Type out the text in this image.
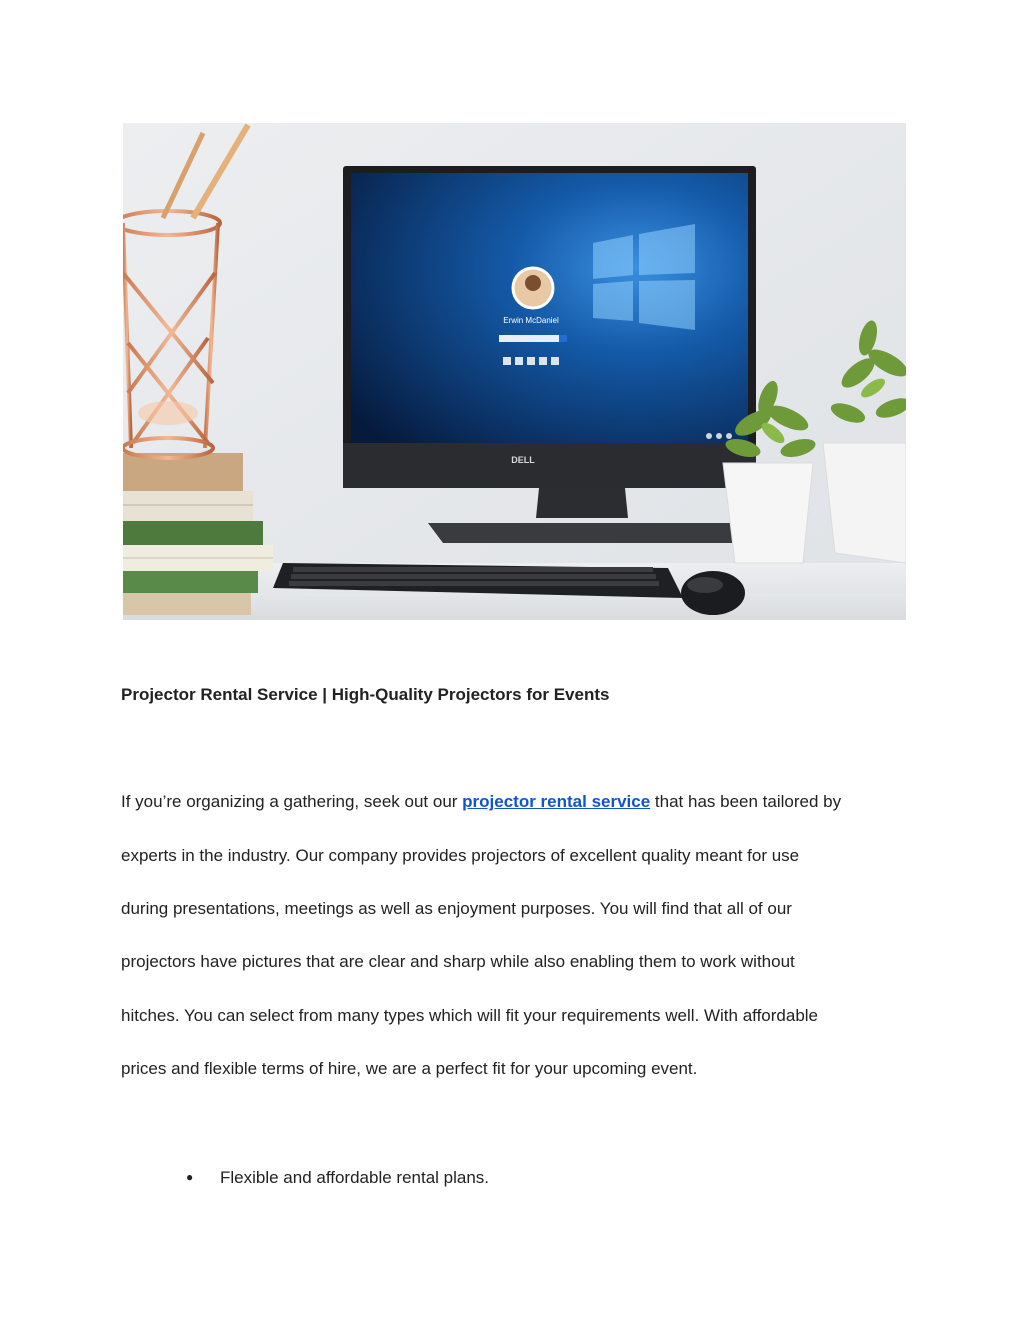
Erwin McDaniel
DELL
Projector Rental Service | High-Quality Projectors for Events
If you’re organizing a gathering, seek out our projector rental service that has been tailored by
experts in the industry. Our company provides projectors of excellent quality meant for use
during presentations, meetings as well as enjoyment purposes. You will find that all of our
projectors have pictures that are clear and sharp while also enabling them to work without
hitches. You can select from many types which will fit your requirements well. With affordable
prices and flexible terms of hire, we are a perfect fit for your upcoming event.
● Flexible and affordable rental plans.
